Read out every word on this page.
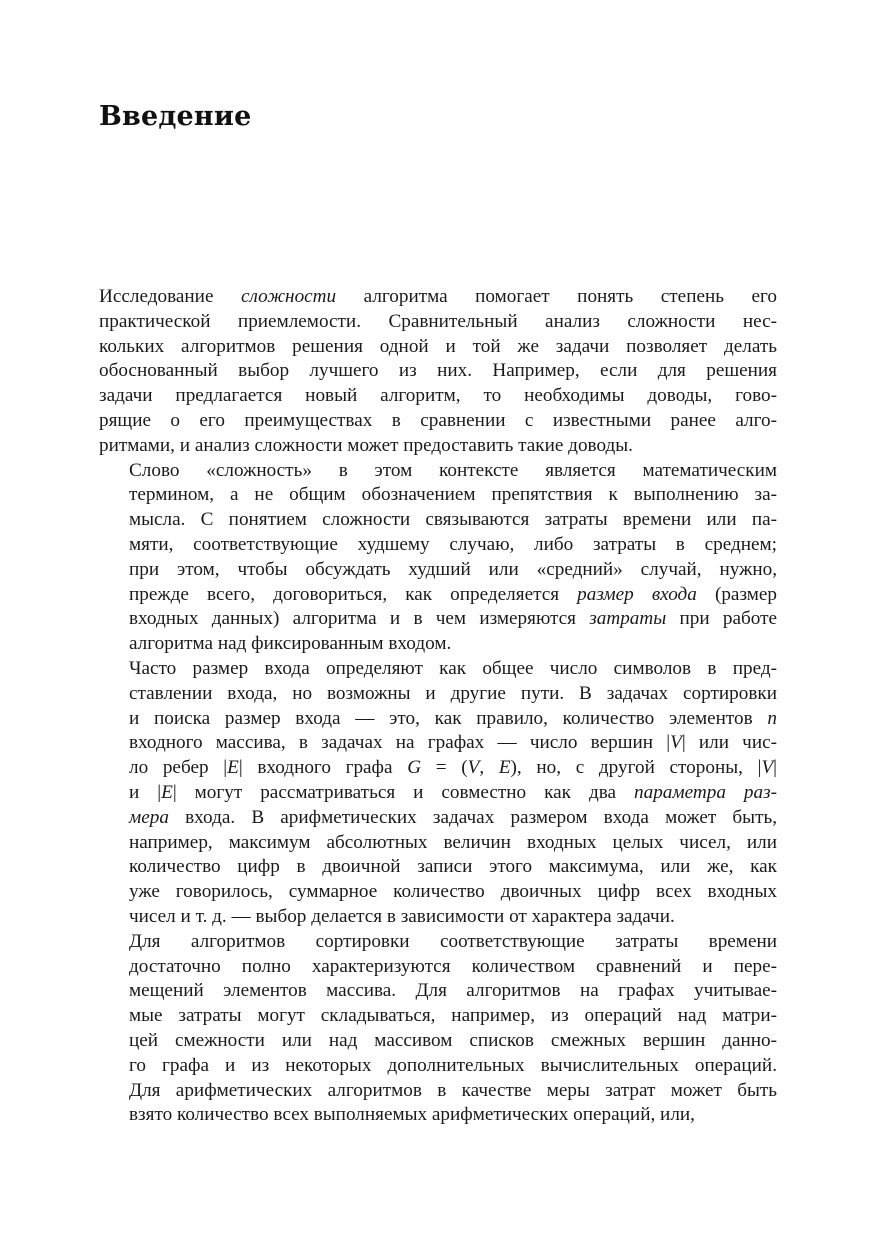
Введение

Исследование сложности алгоритма помогает понять степень его
практической приемлемости. Сравнительный анализ сложности нес-
кольких алгоритмов решения одной и той же задачи позволяет делать
обоснованный выбор лучшего из них. Например, если для решения
задачи предлагается новый алгоритм, то необходимы доводы, гово-
рящие о его преимуществах в сравнении с известными ранее алго-
ритмами, и анализ сложности может предоставить такие доводы.

Слово «сложность» в этом контексте является математическим
термином, а не общим обозначением препятствия к выполнению за-
мысла. С понятием сложности связываются затраты времени или па-
мяти, соответствующие худшему случаю, либо затраты в среднем;
при этом, чтобы обсуждать худший или «средний» случай, нужно,
прежде всего, договориться, как определяется размер входа (размер
входных данных) алгоритма и в чем измеряются затраты при работе
алгоритма над фиксированным входом.

Часто размер входа определяют как общее число символов в пред-
ставлении входа, но возможны и другие пути. В задачах сортировки
и поиска размер входа — это, как правило, количество элементов n
входного массива, в задачах на графах — число вершин |V| или чис-
ло ребер |E| входного графа G = (V, E), но, с другой стороны, |V|
и |E| могут рассматриваться и совместно как два параметра раз-
мера входа. В арифметических задачах размером входа может быть,
например, максимум абсолютных величин входных целых чисел, или
количество цифр в двоичной записи этого максимума, или же, как
уже говорилось, суммарное количество двоичных цифр всех входных
чисел и т. д. — выбор делается в зависимости от характера задачи.

Для алгоритмов сортировки соответствующие затраты времени
достаточно полно характеризуются количеством сравнений и пере-
мещений элементов массива. Для алгоритмов на графах учитывае-
мые затраты могут складываться, например, из операций над матри-
цей смежности или над массивом списков смежных вершин данно-
го графа и из некоторых дополнительных вычислительных операций.
Для арифметических алгоритмов в качестве меры затрат может быть
взято количество всех выполняемых арифметических операций, или,
